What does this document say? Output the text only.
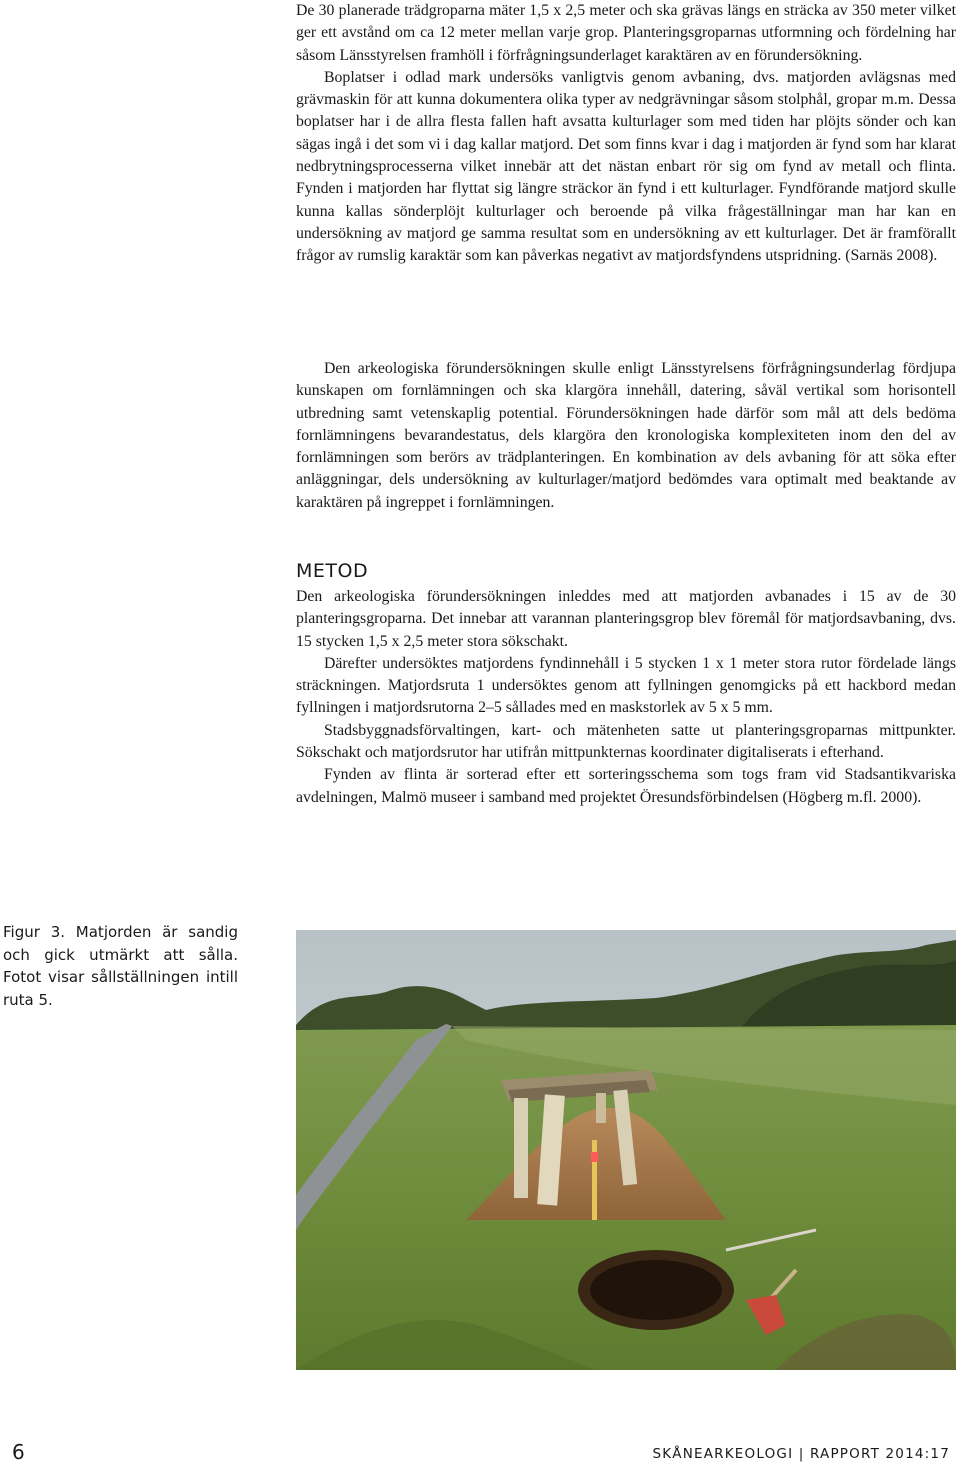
De 30 planerade trädgroparna mäter 1,5 x 2,5 meter och ska grävas längs en sträcka av 350 meter vilket ger ett avstånd om ca 12 meter mellan varje grop. Planteringsgroparnas utformning och fördelning har såsom Länsstyrelsen framhöll i förfrågningsunderlaget karaktären av en förundersökning.

Boplatser i odlad mark undersöks vanligtvis genom avbaning, dvs. matjorden avlägsnas med grävmaskin för att kunna dokumentera olika typer av nedgrävningar såsom stolphål, gropar m.m. Dessa boplatser har i de allra flesta fallen haft avsatta kulturlager som med tiden har plöjts sönder och kan sägas ingå i det som vi i dag kallar matjord. Det som finns kvar i dag i matjorden är fynd som har klarat nedbrytningsprocesserna vilket innebär att det nästan enbart rör sig om fynd av metall och flinta. Fynden i matjorden har flyttat sig längre sträckor än fynd i ett kulturlager. Fyndförande matjord skulle kunna kallas sönderplöjt kulturlager och beroende på vilka frågeställningar man har kan en undersökning av matjord ge samma resultat som en undersökning av ett kulturlager. Det är framförallt frågor av rumslig karaktär som kan påverkas negativt av matjordsfyndens utspridning. (Sarnäs 2008).

Den arkeologiska förundersökningen skulle enligt Länsstyrelsens förfrågningsunderlag fördjupa kunskapen om fornlämningen och ska klargöra innehåll, datering, såväl vertikal som horisontell utbredning samt vetenskaplig potential. Förundersökningen hade därför som mål att dels bedöma fornlämningens bevarandestatus, dels klargöra den kronologiska komplexiteten inom den del av fornlämningen som berörs av trädplanteringen. En kombination av dels avbaning för att söka efter anläggningar, dels undersökning av kulturlager/matjord bedömdes vara optimalt med beaktande av karaktären på ingreppet i fornlämningen.

METOD

Den arkeologiska förundersökningen inleddes med att matjorden avbanades i 15 av de 30 planteringsgroparna. Det innebar att varannan planteringsgrop blev föremål för matjordsavbaning, dvs. 15 stycken 1,5 x 2,5 meter stora sökschakt.

Därefter undersöktes matjordens fyndinnehåll i 5 stycken 1 x 1 meter stora rutor fördelade längs sträckningen. Matjordsruta 1 undersöktes genom att fyllningen genomgicks på ett hackbord medan fyllningen i matjordsrutorna 2–5 sållades med en maskstorlek av 5 x 5 mm.

Stadsbyggnadsförvaltingen, kart- och mätenheten satte ut planteringsgroparnas mittpunkter. Sökschakt och matjordsrutor har utifrån mittpunkternas koordinater digitaliserats i efterhand.

Fynden av flinta är sorterad efter ett sorteringsschema som togs fram vid Stadsantikvariska avdelningen, Malmö museer i samband med projektet Öresundsförbindelsen (Högberg m.fl. 2000).

Figur 3. Matjorden är sandig och gick utmärkt att sålla. Fotot visar sållställningen intill ruta 5.

6	SKÅNEARKEOLOGI | RAPPORT 2014:17
